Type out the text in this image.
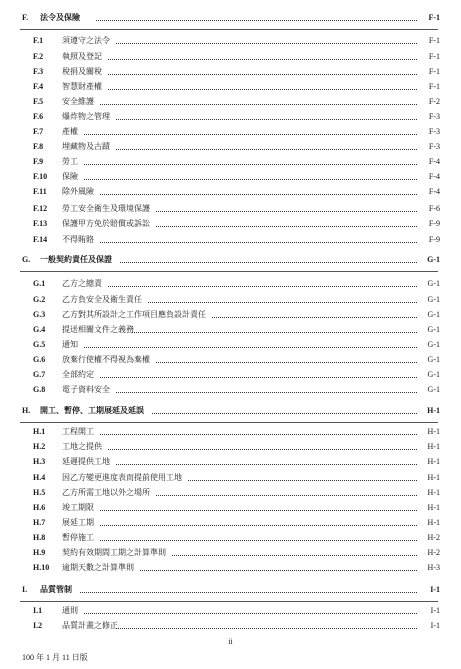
F. 法令及保險	F-1
F.1 須遵守之法令	F-1
F.2 執照及登記	F-1
F.3 稅捐及關稅	F-1
F.4 智慧財產權	F-1
F.5 安全維護	F-2
F.6 爆炸物之管理	F-3
F.7 產權	F-3
F.8 埋藏物及古蹟	F-3
F.9 勞工	F-4
F.10 保險	F-4
F.11 除外風險	F-4
F.12 勞工安全衛生及環境保護	F-6
F.13 保護甲方免於賠償或訴訟	F-9
F.14 不得賄賂	F-9
G. 一般契約責任及保證	G-1
G.1 乙方之總責	G-1
G.2 乙方負安全及衛生責任	G-1
G.3 乙方對其所設計之工作項目應負設計責任	G-1
G.4 提送相關文件之義務	G-1
G.5 通知	G-1
G.6 放棄行使權不得視為棄權	G-1
G.7 全部約定	G-1
G.8 電子資料安全	G-1
H. 開工、暫停、工期展延及延誤	H-1
H.1 工程開工	H-1
H.2 工地之提供	H-1
H.3 延遲提供工地	H-1
H.4 因乙方變更進度表而提前使用工地	H-1
H.5 乙方所需工地以外之場所	H-1
H.6 竣工期限	H-1
H.7 展延工期	H-1
H.8 暫停施工	H-2
H.9 契約有效期間工期之計算準則	H-2
H.10 逾期天數之計算準則	H-3
I. 品質管制	I-1
I.1 通則	I-1
I.2 品質計畫之修正	I-1
ii
100 年 1 月 11 日版
